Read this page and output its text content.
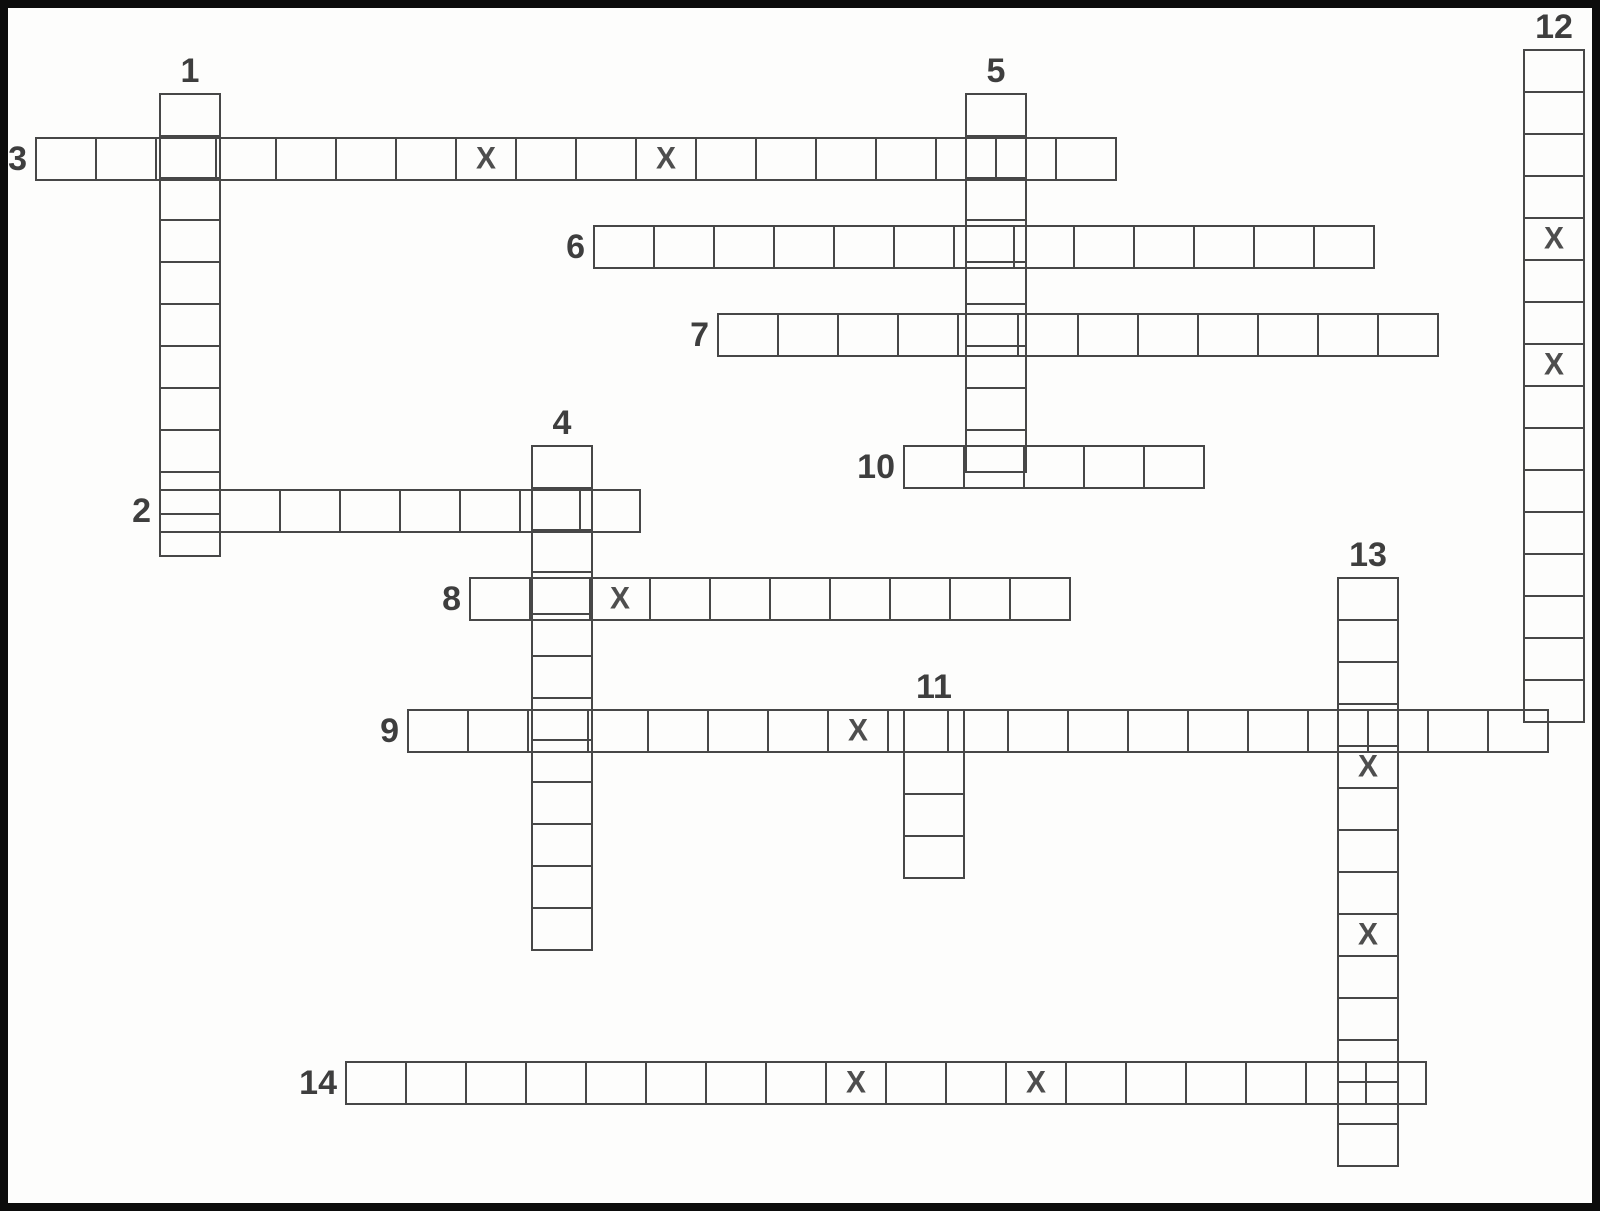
1
2
X	X
3
4
5
6
7
X
8
X
9
10
11
X
X
12
X
X
13
X	X
14
